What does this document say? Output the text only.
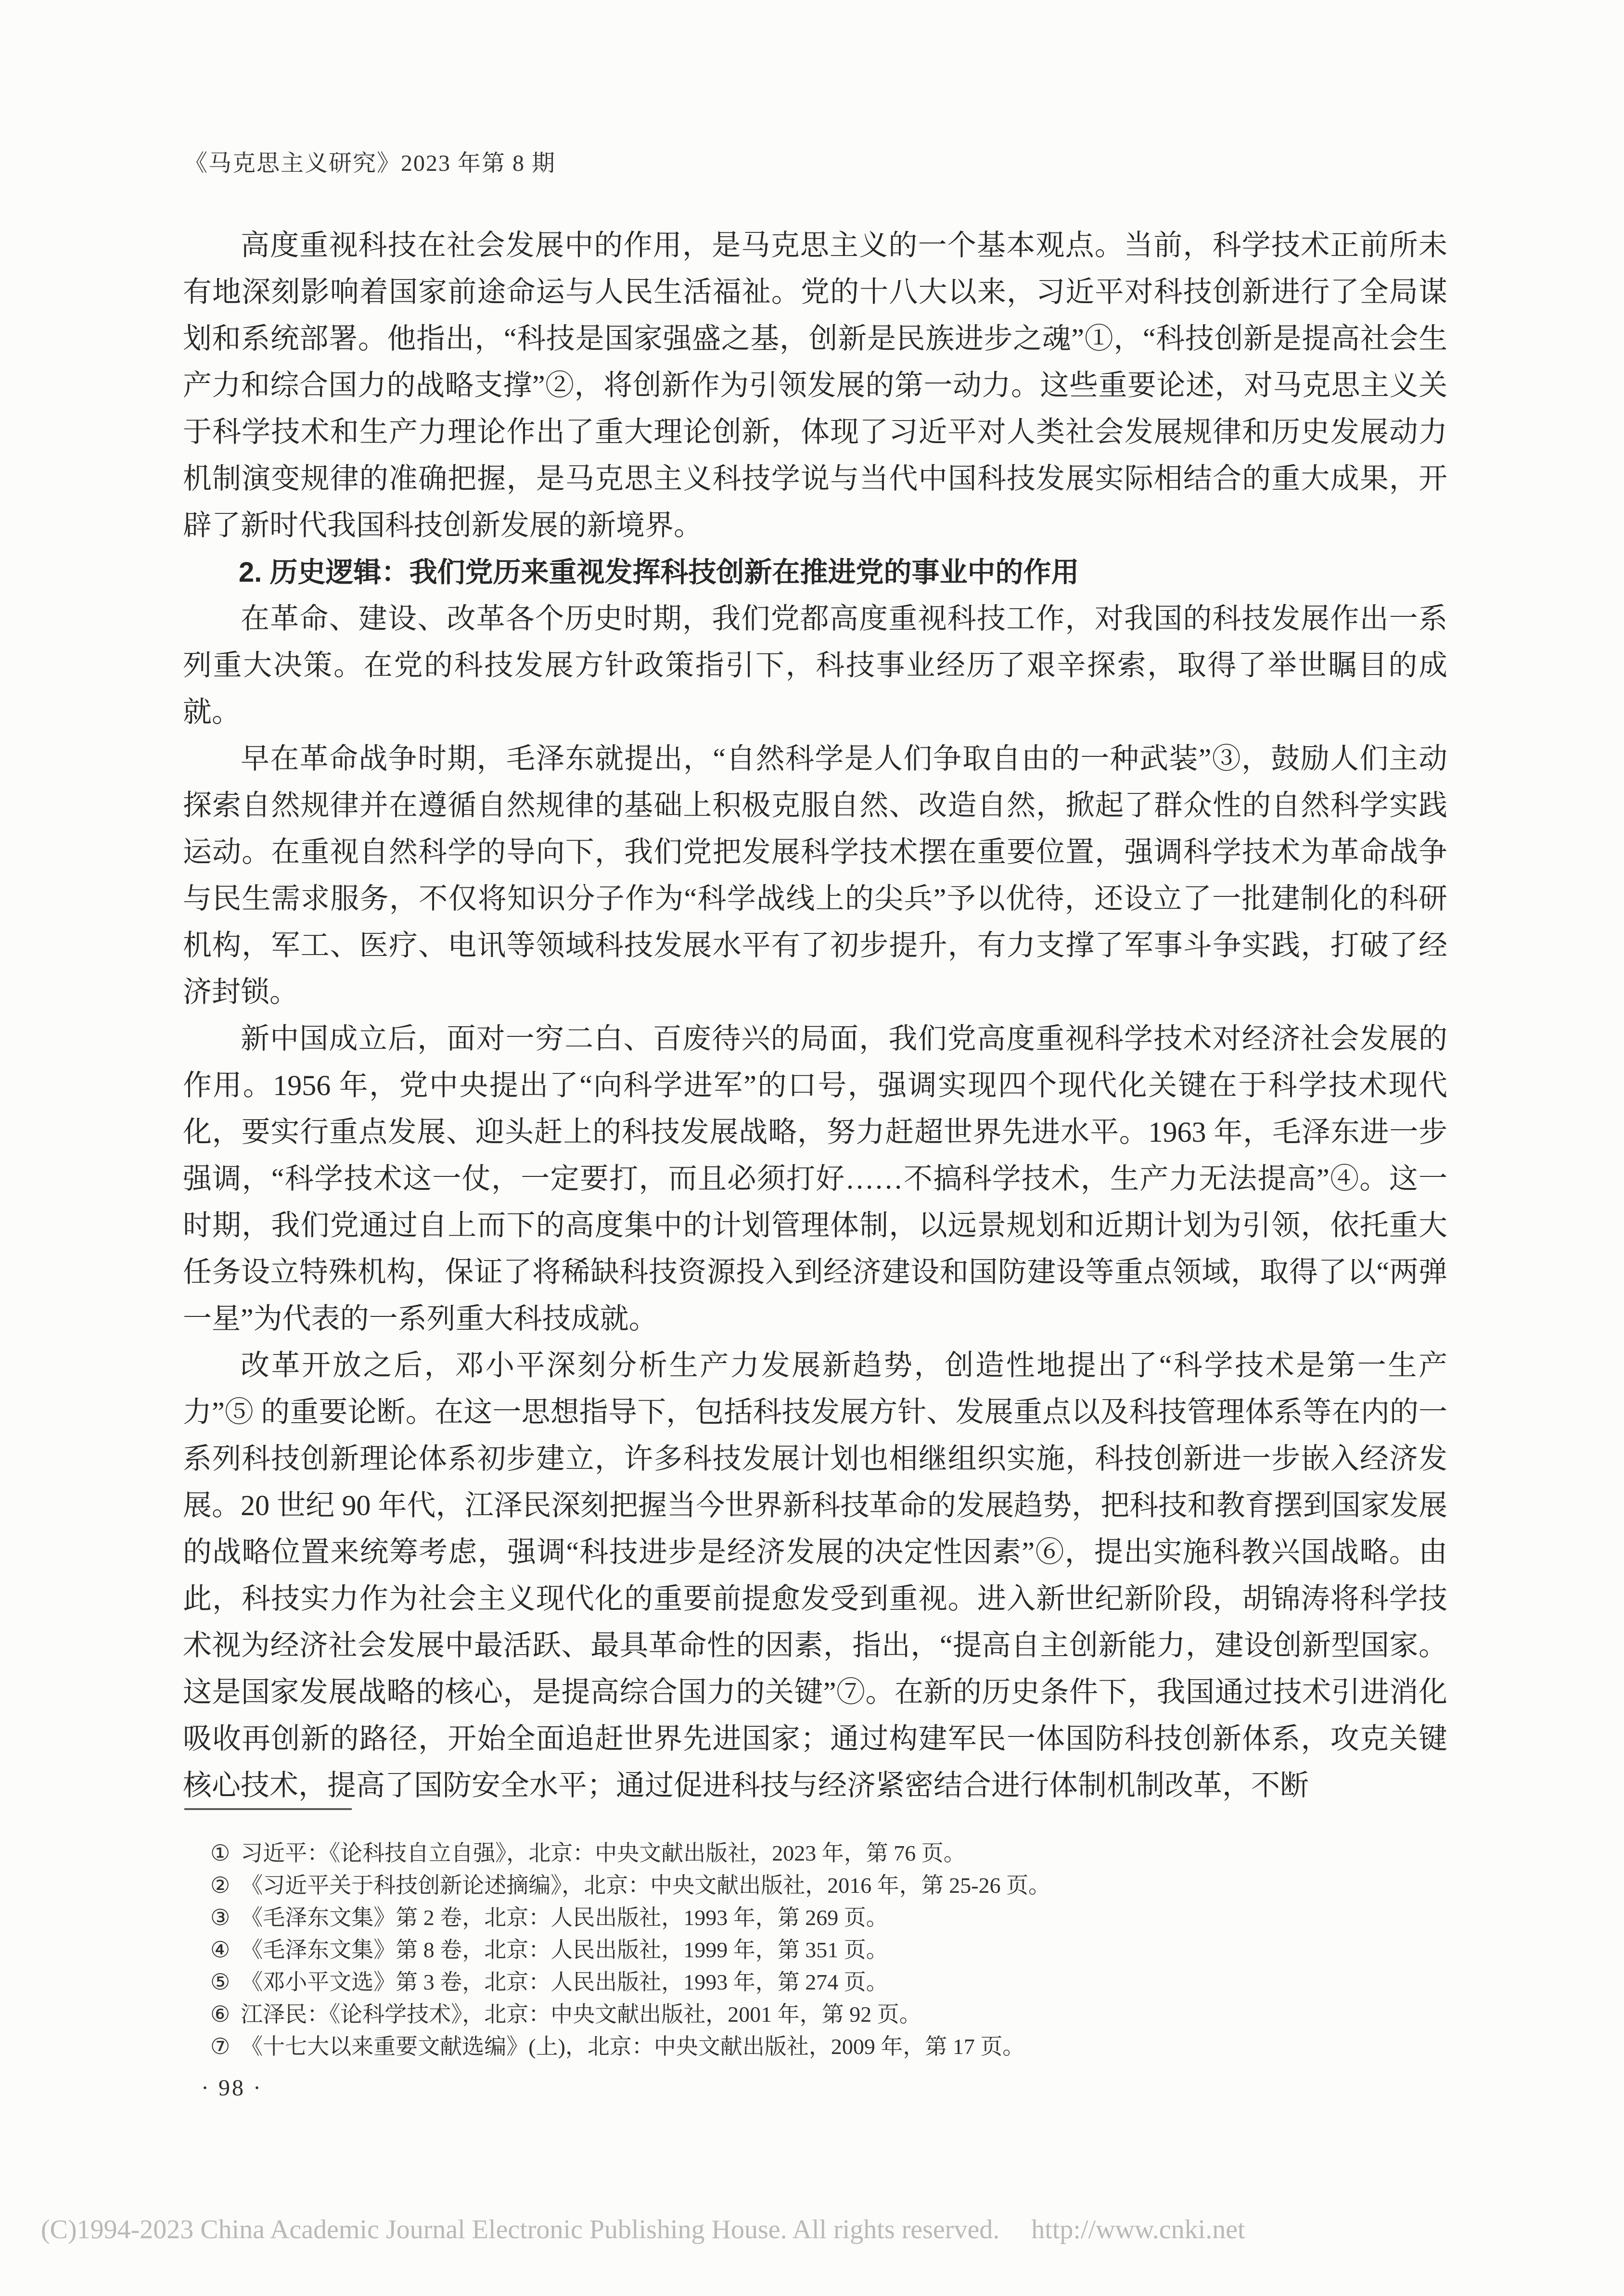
《马克思主义研究》2023 年第 8 期

高度重视科技在社会发展中的作用，是马克思主义的一个基本观点。当前，科学技术正前所未有地深刻影响着国家前途命运与人民生活福祉。党的十八大以来，习近平对科技创新进行了全局谋划和系统部署。他指出，“科技是国家强盛之基，创新是民族进步之魂”①，“科技创新是提高社会生产力和综合国力的战略支撑”②，将创新作为引领发展的第一动力。这些重要论述，对马克思主义关于科学技术和生产力理论作出了重大理论创新，体现了习近平对人类社会发展规律和历史发展动力机制演变规律的准确把握，是马克思主义科技学说与当代中国科技发展实际相结合的重大成果，开辟了新时代我国科技创新发展的新境界。

2. 历史逻辑：我们党历来重视发挥科技创新在推进党的事业中的作用

在革命、建设、改革各个历史时期，我们党都高度重视科技工作，对我国的科技发展作出一系列重大决策。在党的科技发展方针政策指引下，科技事业经历了艰辛探索，取得了举世瞩目的成就。

早在革命战争时期，毛泽东就提出，“自然科学是人们争取自由的一种武装”③，鼓励人们主动探索自然规律并在遵循自然规律的基础上积极克服自然、改造自然，掀起了群众性的自然科学实践运动。在重视自然科学的导向下，我们党把发展科学技术摆在重要位置，强调科学技术为革命战争与民生需求服务，不仅将知识分子作为“科学战线上的尖兵”予以优待，还设立了一批建制化的科研机构，军工、医疗、电讯等领域科技发展水平有了初步提升，有力支撑了军事斗争实践，打破了经济封锁。

新中国成立后，面对一穷二白、百废待兴的局面，我们党高度重视科学技术对经济社会发展的作用。1956 年，党中央提出了“向科学进军”的口号，强调实现四个现代化关键在于科学技术现代化，要实行重点发展、迎头赶上的科技发展战略，努力赶超世界先进水平。1963 年，毛泽东进一步强调，“科学技术这一仗，一定要打，而且必须打好……不搞科学技术，生产力无法提高”④。这一时期，我们党通过自上而下的高度集中的计划管理体制，以远景规划和近期计划为引领，依托重大任务设立特殊机构，保证了将稀缺科技资源投入到经济建设和国防建设等重点领域，取得了以“两弹一星”为代表的一系列重大科技成就。

改革开放之后，邓小平深刻分析生产力发展新趋势，创造性地提出了“科学技术是第一生产力”⑤ 的重要论断。在这一思想指导下，包括科技发展方针、发展重点以及科技管理体系等在内的一系列科技创新理论体系初步建立，许多科技发展计划也相继组织实施，科技创新进一步嵌入经济发展。20 世纪 90 年代，江泽民深刻把握当今世界新科技革命的发展趋势，把科技和教育摆到国家发展的战略位置来统筹考虑，强调“科技进步是经济发展的决定性因素”⑥，提出实施科教兴国战略。由此，科技实力作为社会主义现代化的重要前提愈发受到重视。进入新世纪新阶段，胡锦涛将科学技术视为经济社会发展中最活跃、最具革命性的因素，指出，“提高自主创新能力，建设创新型国家。这是国家发展战略的核心，是提高综合国力的关键”⑦。在新的历史条件下，我国通过技术引进消化吸收再创新的路径，开始全面追赶世界先进国家；通过构建军民一体国防科技创新体系，攻克关键核心技术，提高了国防安全水平；通过促进科技与经济紧密结合进行体制机制改革，不断

① 习近平：《论科技自立自强》，北京：中央文献出版社，2023 年，第 76 页。
② 《习近平关于科技创新论述摘编》，北京：中央文献出版社，2016 年，第 25-26 页。
③ 《毛泽东文集》第 2 卷，北京：人民出版社，1993 年，第 269 页。
④ 《毛泽东文集》第 8 卷，北京：人民出版社，1999 年，第 351 页。
⑤ 《邓小平文选》第 3 卷，北京：人民出版社，1993 年，第 274 页。
⑥ 江泽民：《论科学技术》，北京：中央文献出版社，2001 年，第 92 页。
⑦ 《十七大以来重要文献选编》(上)，北京：中央文献出版社，2009 年，第 17 页。
· 98 ·
(C)1994-2023 China Academic Journal Electronic Publishing House. All rights reserved. http://www.cnki.net
